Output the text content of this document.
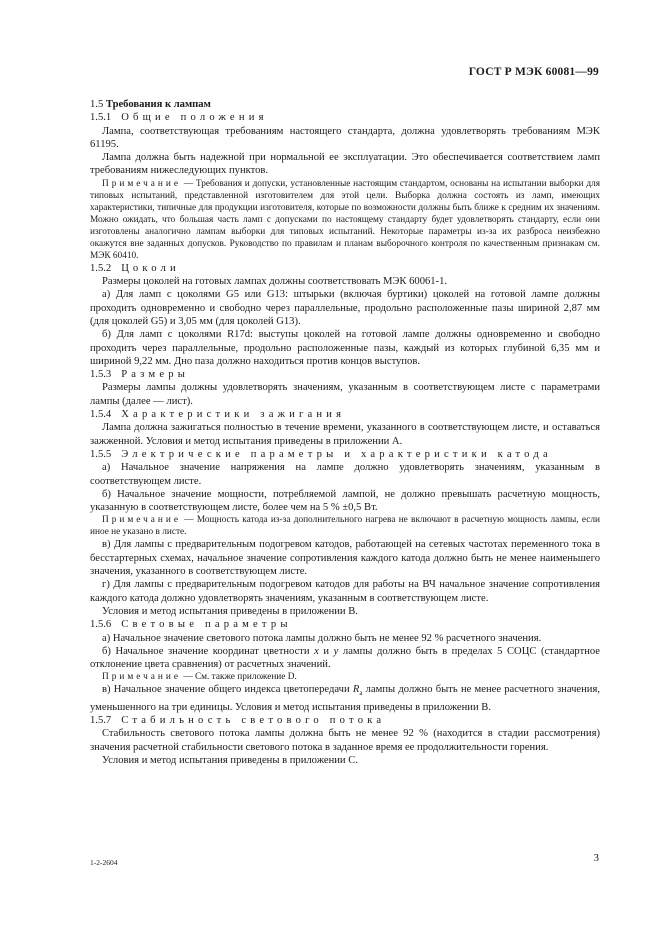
ГОСТ Р МЭК 60081—99

1.5 Требования к лампам

1.5.1 Общие положения

Лампа, соответствующая требованиям настоящего стандарта, должна удовлетворять требованиям МЭК 61195.

Лампа должна быть надежной при нормальной ее эксплуатации. Это обеспечивается соответствием ламп требованиям нижеследующих пунктов.

Примечание — Требования и допуски, установленные настоящим стандартом, основаны на испытании выборки для типовых испытаний, представленной изготовителем для этой цели. Выборка должна состоять из ламп, имеющих характеристики, типичные для продукции изготовителя, которые по возможности должны быть ближе к средним их значениям. Можно ожидать, что большая часть ламп с допусками по настоящему стандарту будет удовлетворять стандарту, если они изготовлены аналогично лампам выборки для типовых испытаний. Некоторые параметры из-за их разброса неизбежно окажутся вне заданных допусков. Руководство по правилам и планам выборочного контроля по качественным признакам см. МЭК 60410.

1.5.2 Цоколи

Размеры цоколей на готовых лампах должны соответствовать МЭК 60061-1.

а) Для ламп с цоколями G5 или G13: штырьки (включая буртики) цоколей на готовой лампе должны проходить одновременно и свободно через параллельные, продольно расположенные пазы шириной 2,87 мм (для цоколей G5) и 3,05 мм (для цоколей G13).

б) Для ламп с цоколями R17d: выступы цоколей на готовой лампе должны одновременно и свободно проходить через параллельные, продольно расположенные пазы, каждый из которых глубиной 6,35 мм и шириной 9,22 мм. Дно паза должно находиться против концов выступов.

1.5.3 Размеры

Размеры лампы должны удовлетворять значениям, указанным в соответствующем листе с параметрами лампы (далее — лист).

1.5.4 Характеристики зажигания

Лампа должна зажигаться полностью в течение времени, указанного в соответствующем листе, и оставаться зажженной. Условия и метод испытания приведены в приложении А.

1.5.5 Электрические параметры и характеристики катода

а) Начальное значение напряжения на лампе должно удовлетворять значениям, указанным в соответствующем листе.

б) Начальное значение мощности, потребляемой лампой, не должно превышать расчетную мощность, указанную в соответствующем листе, более чем на 5 % ±0,5 Вт.

Примечание — Мощность катода из-за дополнительного нагрева не включают в расчетную мощность лампы, если иное не указано в листе.

в) Для лампы с предварительным подогревом катодов, работающей на сетевых частотах переменного тока в бесстартерных схемах, начальное значение сопротивления каждого катода должно быть не менее наименьшего значения, указанного в соответствующем листе.

г) Для лампы с предварительным подогревом катодов для работы на ВЧ начальное значение сопротивления каждого катода должно удовлетворять значениям, указанным в соответствующем листе.

Условия и метод испытания приведены в приложении В.

1.5.6 Световые параметры

а) Начальное значение светового потока лампы должно быть не менее 92 % расчетного значения.

б) Начальное значение координат цветности x и y лампы должно быть в пределах 5 СОЦС (стандартное отклонение цвета сравнения) от расчетных значений.

Примечание — См. также приложение D.

в) Начальное значение общего индекса цветопередачи $R_a$ лампы должно быть не менее расчетного значения, уменьшенного на три единицы. Условия и метод испытания приведены в приложении В.

1.5.7 Стабильность светового потока

Стабильность светового потока лампы должна быть не менее 92 % (находится в стадии рассмотрения) значения расчетной стабильности светового потока в заданное время ее продолжительности горения.

Условия и метод испытания приведены в приложении С.

1-2-2604	3
